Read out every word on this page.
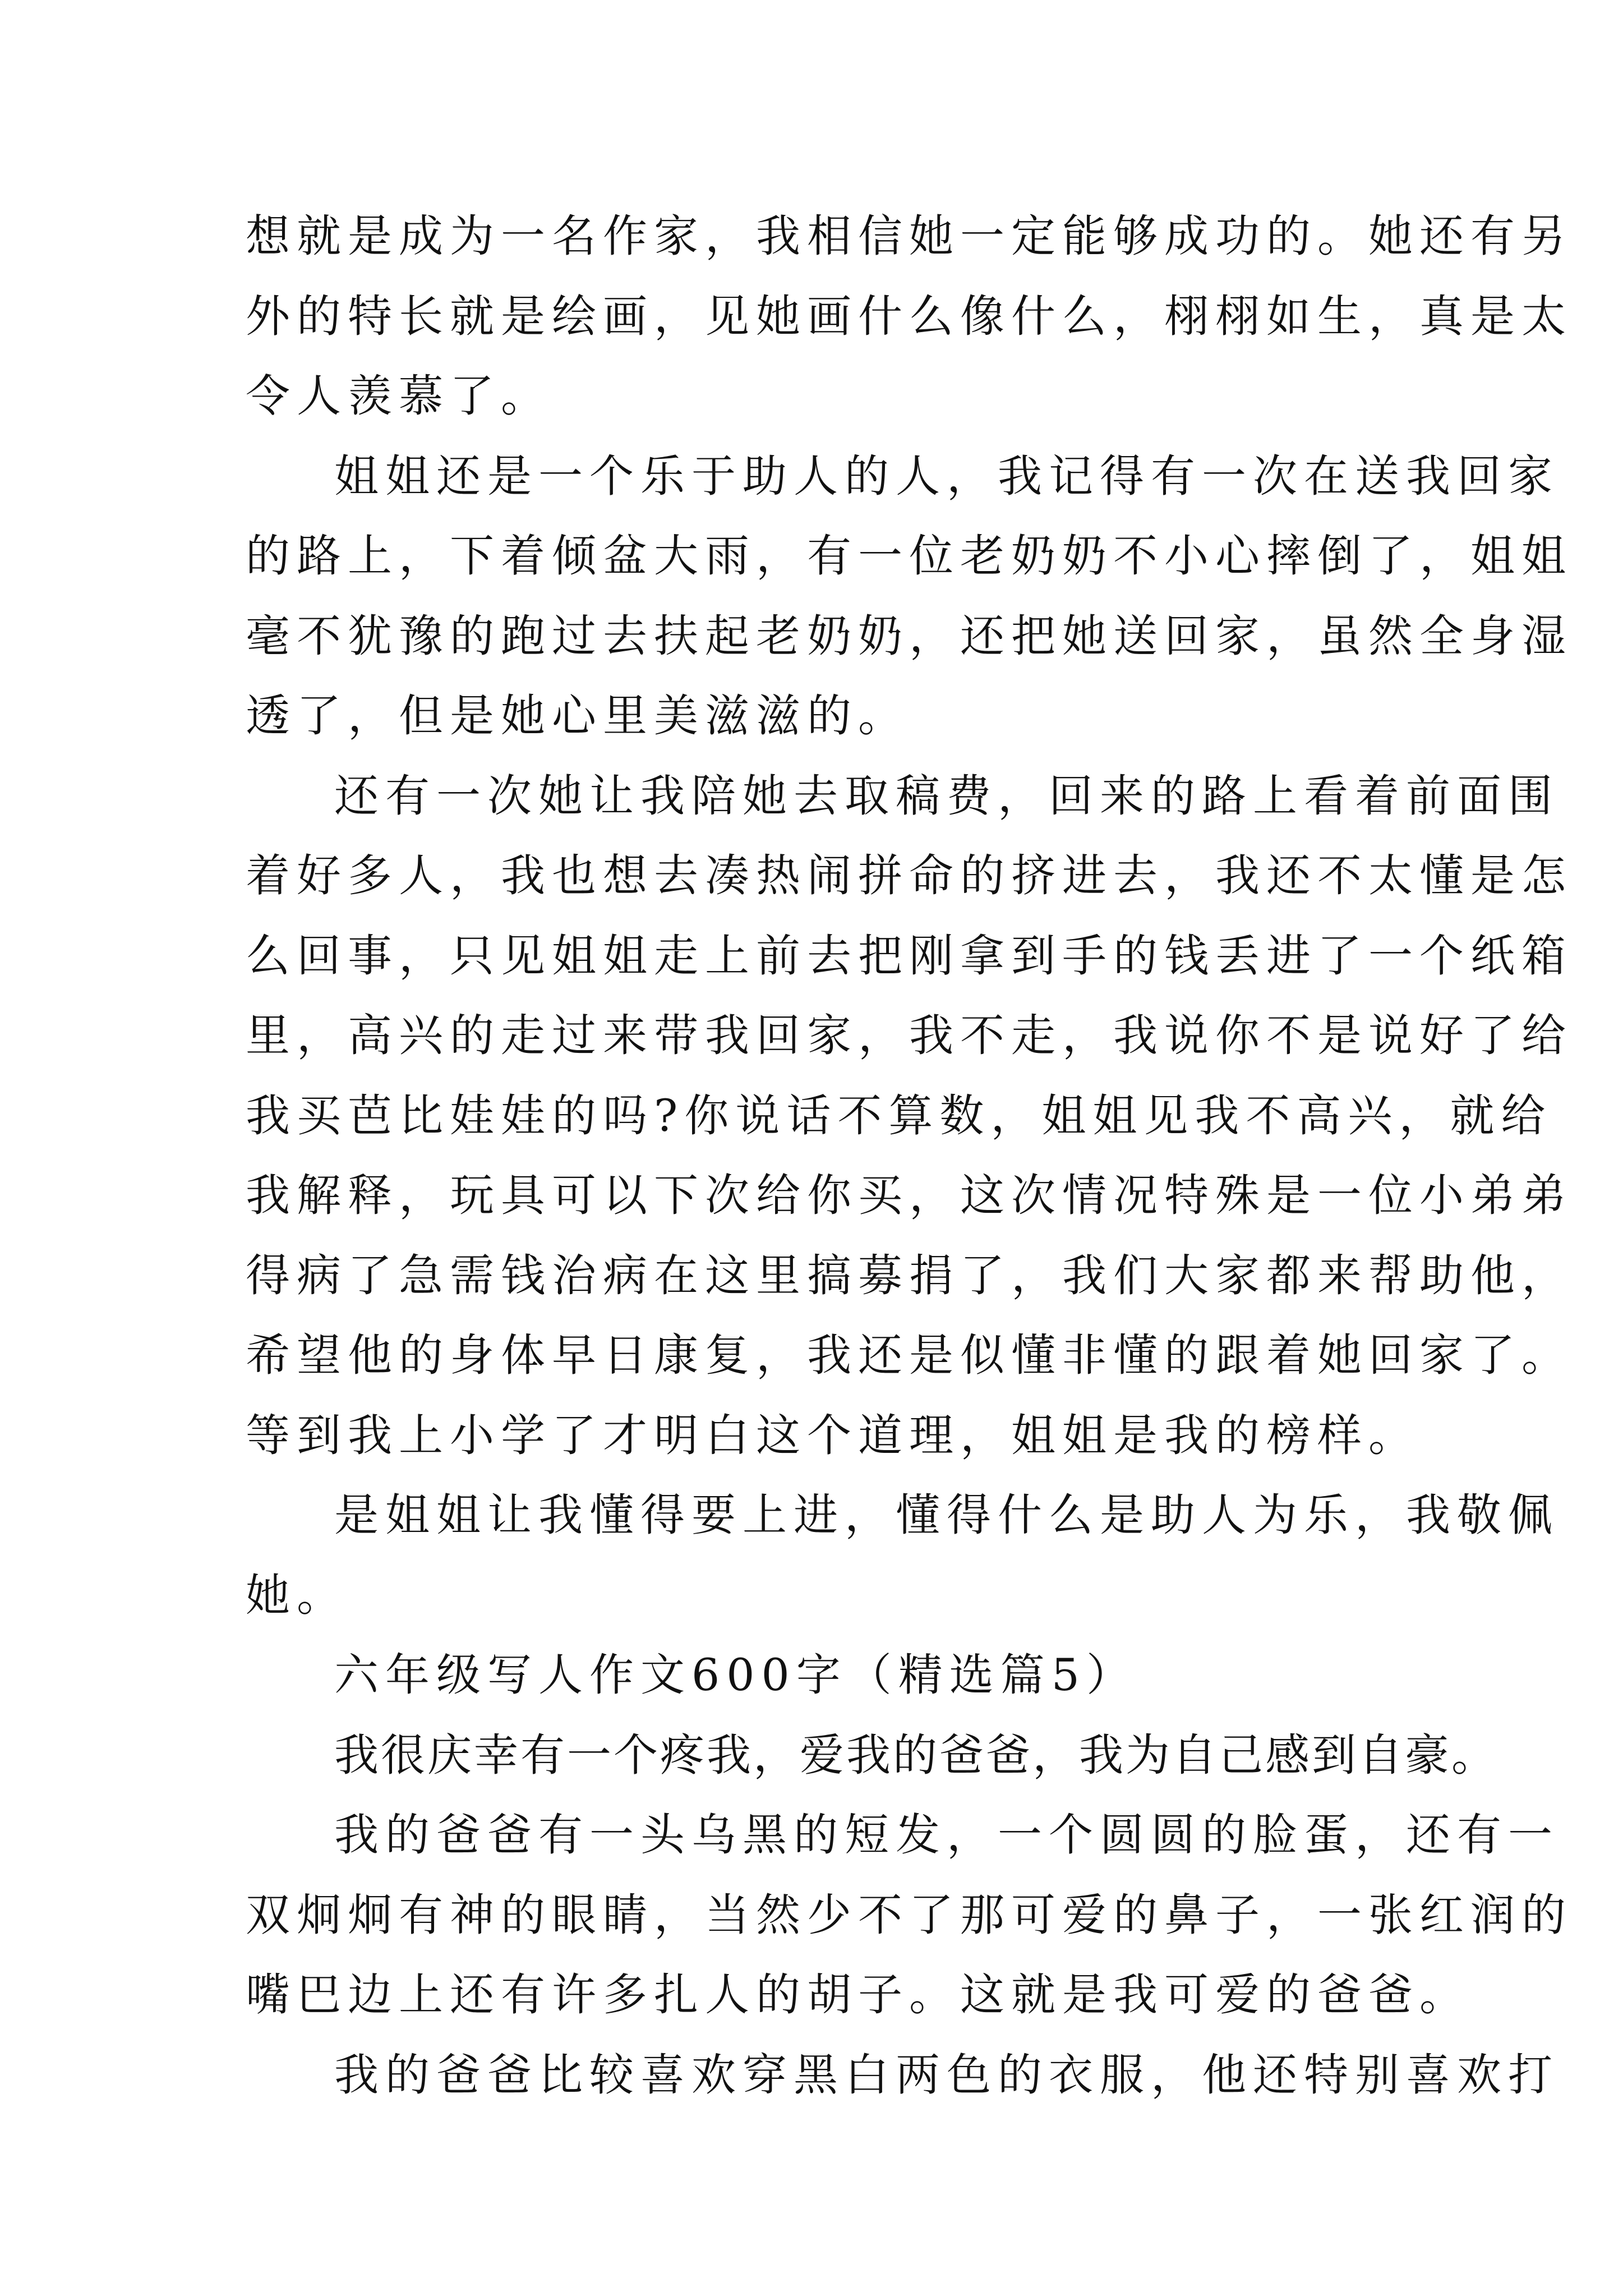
想就是成为一名作家，我相信她一定能够成功的。她还有另
外的特长就是绘画，见她画什么像什么，栩栩如生，真是太
令人羡慕了。
姐姐还是一个乐于助人的人，我记得有一次在送我回家
的路上，下着倾盆大雨，有一位老奶奶不小心摔倒了，姐姐
毫不犹豫的跑过去扶起老奶奶，还把她送回家，虽然全身湿
透了，但是她心里美滋滋的。
还有一次她让我陪她去取稿费，回来的路上看着前面围
着好多人，我也想去凑热闹拼命的挤进去，我还不太懂是怎
么回事，只见姐姐走上前去把刚拿到手的钱丢进了一个纸箱
里，高兴的走过来带我回家，我不走，我说你不是说好了给
我买芭比娃娃的吗?你说话不算数，姐姐见我不高兴，就给
我解释，玩具可以下次给你买，这次情况特殊是一位小弟弟
得病了急需钱治病在这里搞募捐了，我们大家都来帮助他，
希望他的身体早日康复，我还是似懂非懂的跟着她回家了。
等到我上小学了才明白这个道理，姐姐是我的榜样。
是姐姐让我懂得要上进，懂得什么是助人为乐，我敬佩
她。
六年级写人作文600字（精选篇5）
我很庆幸有一个疼我，爱我的爸爸，我为自己感到自豪。
我的爸爸有一头乌黑的短发，一个圆圆的脸蛋，还有一
双炯炯有神的眼睛，当然少不了那可爱的鼻子，一张红润的
嘴巴边上还有许多扎人的胡子。这就是我可爱的爸爸。
我的爸爸比较喜欢穿黑白两色的衣服，他还特别喜欢打
